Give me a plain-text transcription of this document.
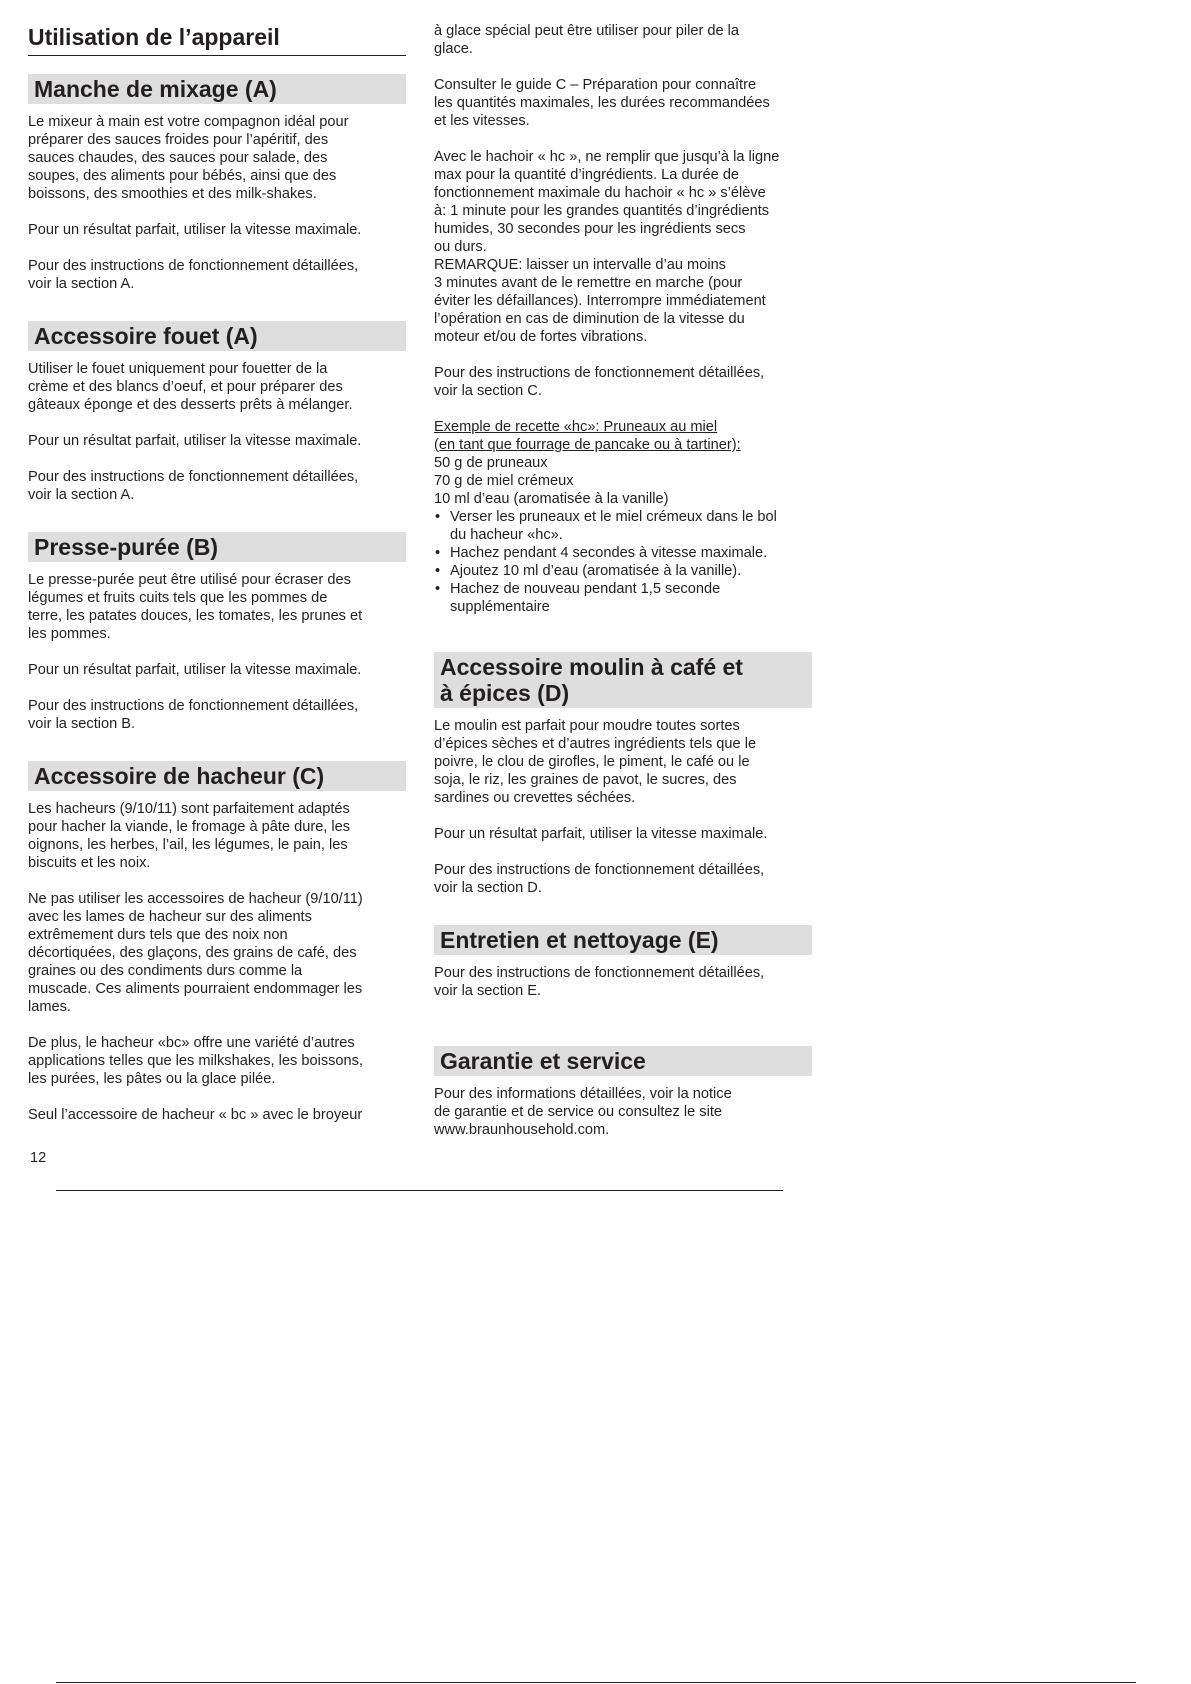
Utilisation de l’appareil
Manche de mixage (A)

Le mixeur à main est votre compagnon idéal pour
préparer des sauces froides pour l’apéritif, des
sauces chaudes, des sauces pour salade, des
soupes, des aliments pour bébés, ainsi que des
boissons, des smoothies et des milk-shakes.

Pour un résultat parfait, utiliser la vitesse maximale.

Pour des instructions de fonctionnement détaillées,
voir la section A.

Accessoire fouet (A)

Utiliser le fouet uniquement pour fouetter de la
crème et des blancs d’oeuf, et pour préparer des
gâteaux éponge et des desserts prêts à mélanger.

Pour un résultat parfait, utiliser la vitesse maximale.

Pour des instructions de fonctionnement détaillées,
voir la section A.

Presse-purée (B)

Le presse-purée peut être utilisé pour écraser des
légumes et fruits cuits tels que les pommes de
terre, les patates douces, les tomates, les prunes et
les pommes.

Pour un résultat parfait, utiliser la vitesse maximale.

Pour des instructions de fonctionnement détaillées,
voir la section B.

Accessoire de hacheur (C)

Les hacheurs (9/10/11) sont parfaitement adaptés
pour hacher la viande, le fromage à pâte dure, les
oignons, les herbes, l’ail, les légumes, le pain, les
biscuits et les noix.

Ne pas utiliser les accessoires de hacheur (9/10/11)
avec les lames de hacheur sur des aliments
extrêmement durs tels que des noix non
décortiquées, des glaçons, des grains de café, des
graines ou des condiments durs comme la
muscade. Ces aliments pourraient endommager les
lames.

De plus, le hacheur «bc» offre une variété d’autres
applications telles que les milkshakes, les boissons,
les purées, les pâtes ou la glace pilée.

Seul l’accessoire de hacheur « bc » avec le broyeur

à glace spécial peut être utiliser pour piler de la
glace.

Consulter le guide C – Préparation pour connaître
les quantités maximales, les durées recommandées
et les vitesses.

Avec le hachoir « hc », ne remplir que jusqu’à la ligne
max pour la quantité d’ingrédients. La durée de
fonctionnement maximale du hachoir « hc » s’élève
à: 1 minute pour les grandes quantités d’ingrédients
humides, 30 secondes pour les ingrédients secs
ou durs.
REMARQUE: laisser un intervalle d’au moins
3 minutes avant de le remettre en marche (pour
éviter les défaillances). Interrompre immédiatement
l’opération en cas de diminution de la vitesse du
moteur et/ou de fortes vibrations.

Pour des instructions de fonctionnement détaillées,
voir la section C.

Exemple de recette «hc»: Pruneaux au miel
(en tant que fourrage de pancake ou à tartiner):

50 g de pruneaux
70 g de miel crémeux
10 ml d’eau (aromatisée à la vanille)

• Verser les pruneaux et le miel crémeux dans le bol du hacheur «hc».
• Hachez pendant 4 secondes à vitesse maximale.
• Ajoutez 10 ml d’eau (aromatisée à la vanille).
• Hachez de nouveau pendant 1,5 seconde supplémentaire
Accessoire moulin à café et
à épices (D)

Le moulin est parfait pour moudre toutes sortes
d’épices sèches et d’autres ingrédients tels que le
poivre, le clou de girofles, le piment, le café ou le
soja, le riz, les graines de pavot, le sucres, des
sardines ou crevettes séchées.

Pour un résultat parfait, utiliser la vitesse maximale.

Pour des instructions de fonctionnement détaillées,
voir la section D.

Entretien et nettoyage (E)

Pour des instructions de fonctionnement détaillées,
voir la section E.

Garantie et service

Pour des informations détaillées, voir la notice
de garantie et de service ou consultez le site
www.braunhousehold.com.

12
